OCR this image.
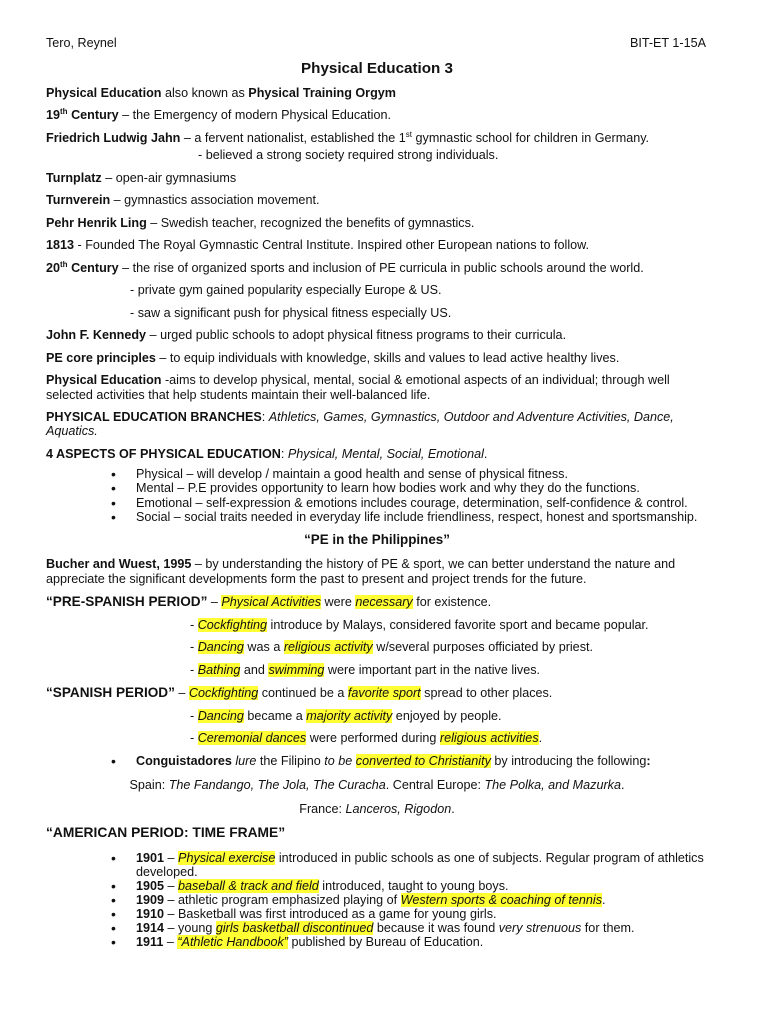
Tero, Reynel	BIT-ET 1-15A
Physical Education 3

Physical Education also known as Physical Training Orgym

19th Century – the Emergency of modern Physical Education.

Friedrich Ludwig Jahn – a fervent nationalist, established the 1st gymnastic school for children in Germany.

- believed a strong society required strong individuals.

Turnplatz – open-air gymnasiums

Turnverein – gymnastics association movement.

Pehr Henrik Ling – Swedish teacher, recognized the benefits of gymnastics.

1813 - Founded The Royal Gymnastic Central Institute. Inspired other European nations to follow.

20th Century – the rise of organized sports and inclusion of PE curricula in public schools around the world.

- private gym gained popularity especially Europe & US.

- saw a significant push for physical fitness especially US.

John F. Kennedy – urged public schools to adopt physical fitness programs to their curricula.

PE core principles – to equip individuals with knowledge, skills and values to lead active healthy lives.

Physical Education -aims to develop physical, mental, social & emotional aspects of an individual; through well selected activities that help students maintain their well-balanced life.

PHYSICAL EDUCATION BRANCHES: Athletics, Games, Gymnastics, Outdoor and Adventure Activities, Dance, Aquatics.

4 ASPECTS OF PHYSICAL EDUCATION: Physical, Mental, Social, Emotional.

• Physical – will develop / maintain a good health and sense of physical fitness.
• Mental – P.E provides opportunity to learn how bodies work and why they do the functions.
• Emotional – self-expression & emotions includes courage, determination, self-confidence & control.
• Social – social traits needed in everyday life include friendliness, respect, honest and sportsmanship.
“PE in the Philippines”

Bucher and Wuest, 1995 – by understanding the history of PE & sport, we can better understand the nature and appreciate the significant developments form the past to present and project trends for the future.

“PRE-SPANISH PERIOD” – Physical Activities were necessary for existence.

- Cockfighting introduce by Malays, considered favorite sport and became popular.

- Dancing was a religious activity w/several purposes officiated by priest.

- Bathing and swimming were important part in the native lives.

“SPANISH PERIOD” – Cockfighting continued be a favorite sport spread to other places.

- Dancing became a majority activity enjoyed by people.

- Ceremonial dances were performed during religious activities.

• Conguistadores lure the Filipino to be converted to Christianity by introducing the following:

Spain: The Fandango, The Jola, The Curacha. Central Europe: The Polka, and Mazurka.

France: Lanceros, Rigodon.

“AMERICAN PERIOD: TIME FRAME”
• 1901 – Physical exercise introduced in public schools as one of subjects. Regular program of athletics developed.
• 1905 – baseball & track and field introduced, taught to young boys.
• 1909 – athletic program emphasized playing of Western sports & coaching of tennis.
• 1910 – Basketball was first introduced as a game for young girls.
• 1914 – young girls basketball discontinued because it was found very strenuous for them.
• 1911 – “Athletic Handbook” published by Bureau of Education.
